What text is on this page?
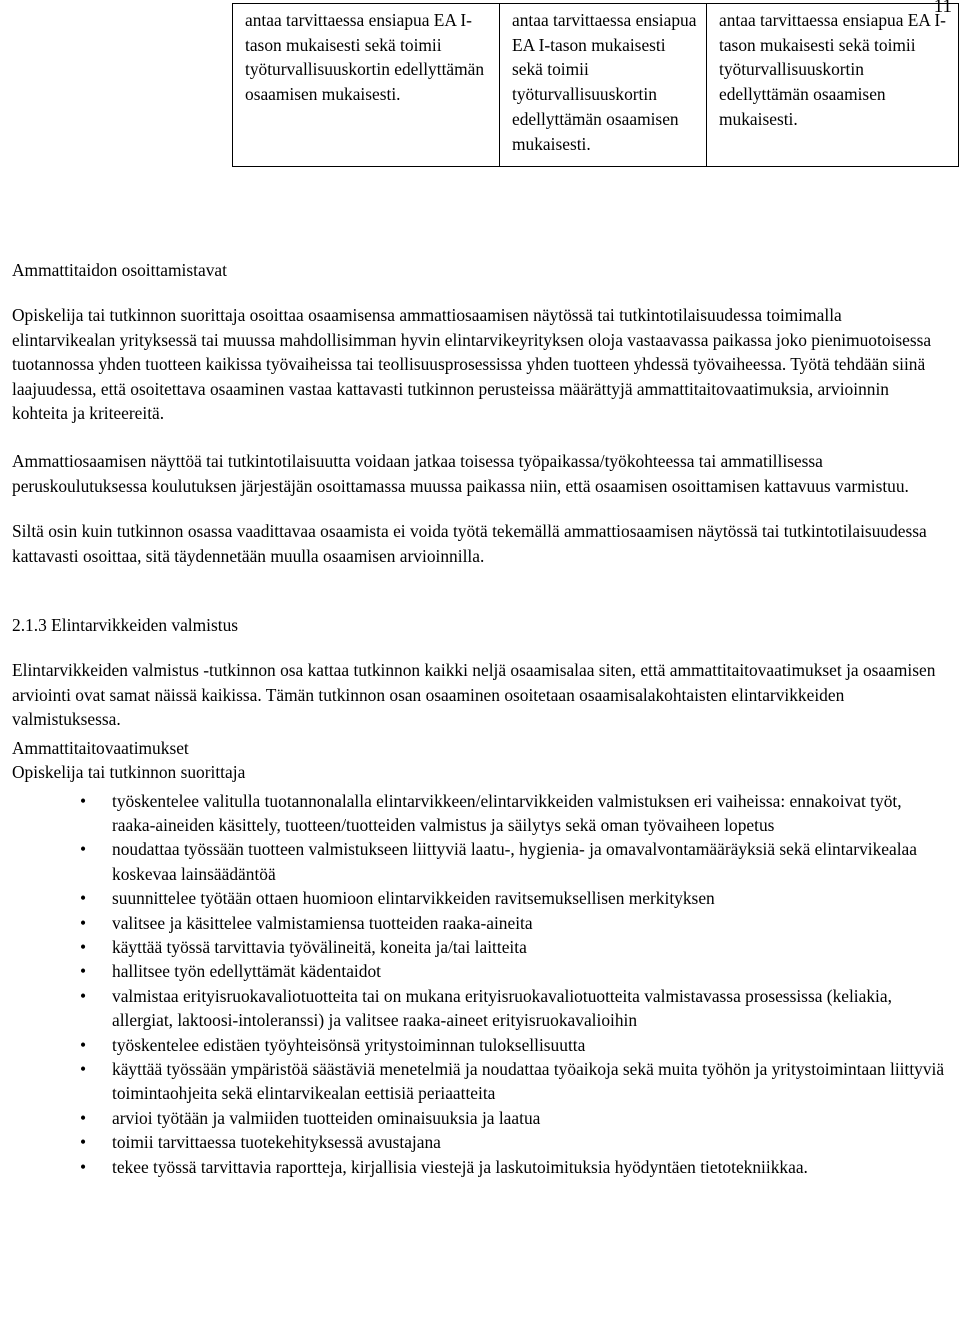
11
antaa tarvittaessa ensiapua EA I-tason mukaisesti sekä toimii työturvallisuuskortin edellyttämän osaamisen mukaisesti.	antaa tarvittaessa ensiapua EA I-tason mukaisesti sekä toimii työturvallisuuskortin edellyttämän osaamisen mukaisesti.	antaa tarvittaessa ensiapua EA I-tason mukaisesti sekä toimii työturvallisuuskortin edellyttämän osaamisen mukaisesti.

Ammattitaidon osoittamistavat

Opiskelija tai tutkinnon suorittaja osoittaa osaamisensa ammattiosaamisen näytössä tai tutkintotilaisuudessa toimimalla elintarvikealan yrityksessä tai muussa mahdollisimman hyvin elintarvikeyrityksen oloja vastaavassa paikassa joko pienimuotoisessa tuotannossa yhden tuotteen kaikissa työvaiheissa tai teollisuusprosessissa yhden tuotteen yhdessä työvaiheessa. Työtä tehdään siinä laajuudessa, että osoitettava osaaminen vastaa kattavasti tutkinnon perusteissa määrättyjä ammattitaitovaatimuksia, arvioinnin kohteita ja kriteereitä.

Ammattiosaamisen näyttöä tai tutkintotilaisuutta voidaan jatkaa toisessa työpaikassa/työkohteessa tai ammatillisessa peruskoulutuksessa koulutuksen järjestäjän osoittamassa muussa paikassa niin, että osaamisen osoittamisen kattavuus varmistuu.

Siltä osin kuin tutkinnon osassa vaadittavaa osaamista ei voida työtä tekemällä ammattiosaamisen näytössä tai tutkintotilaisuudessa kattavasti osoittaa, sitä täydennetään muulla osaamisen arvioinnilla.

2.1.3 Elintarvikkeiden valmistus

Elintarvikkeiden valmistus -tutkinnon osa kattaa tutkinnon kaikki neljä osaamisalaa siten, että ammattitaitovaatimukset ja osaamisen arviointi ovat samat näissä kaikissa. Tämän tutkinnon osan osaaminen osoitetaan osaamisalakohtaisten elintarvikkeiden valmistuksessa.

Ammattitaitovaatimukset

Opiskelija tai tutkinnon suorittaja

• työskentelee valitulla tuotannonalalla elintarvikkeen/elintarvikkeiden valmistuksen eri vaiheissa: ennakoivat työt, raaka-aineiden käsittely, tuotteen/tuotteiden valmistus ja säilytys sekä oman työvaiheen lopetus
• noudattaa työssään tuotteen valmistukseen liittyviä laatu-, hygienia- ja omavalvontamääräyksiä sekä elintarvikealaa koskevaa lainsäädäntöä
• suunnittelee työtään ottaen huomioon elintarvikkeiden ravitsemuksellisen merkityksen
• valitsee ja käsittelee valmistamiensa tuotteiden raaka-aineita
• käyttää työssä tarvittavia työvälineitä, koneita ja/tai laitteita
• hallitsee työn edellyttämät kädentaidot
• valmistaa erityisruokavaliotuotteita tai on mukana erityisruokavaliotuotteita valmistavassa prosessissa (keliakia, allergiat, laktoosi-intoleranssi) ja valitsee raaka-aineet erityisruokavalioihin
• työskentelee edistäen työyhteisönsä yritystoiminnan tuloksellisuutta
• käyttää työssään ympäristöä säästäviä menetelmiä ja noudattaa työaikoja sekä muita työhön ja yritystoimintaan liittyviä toimintaohjeita sekä elintarvikealan eettisiä periaatteita
• arvioi työtään ja valmiiden tuotteiden ominaisuuksia ja laatua
• toimii tarvittaessa tuotekehityksessä avustajana
• tekee työssä tarvittavia raportteja, kirjallisia viestejä ja laskutoimituksia hyödyntäen tietotekniikkaa.
